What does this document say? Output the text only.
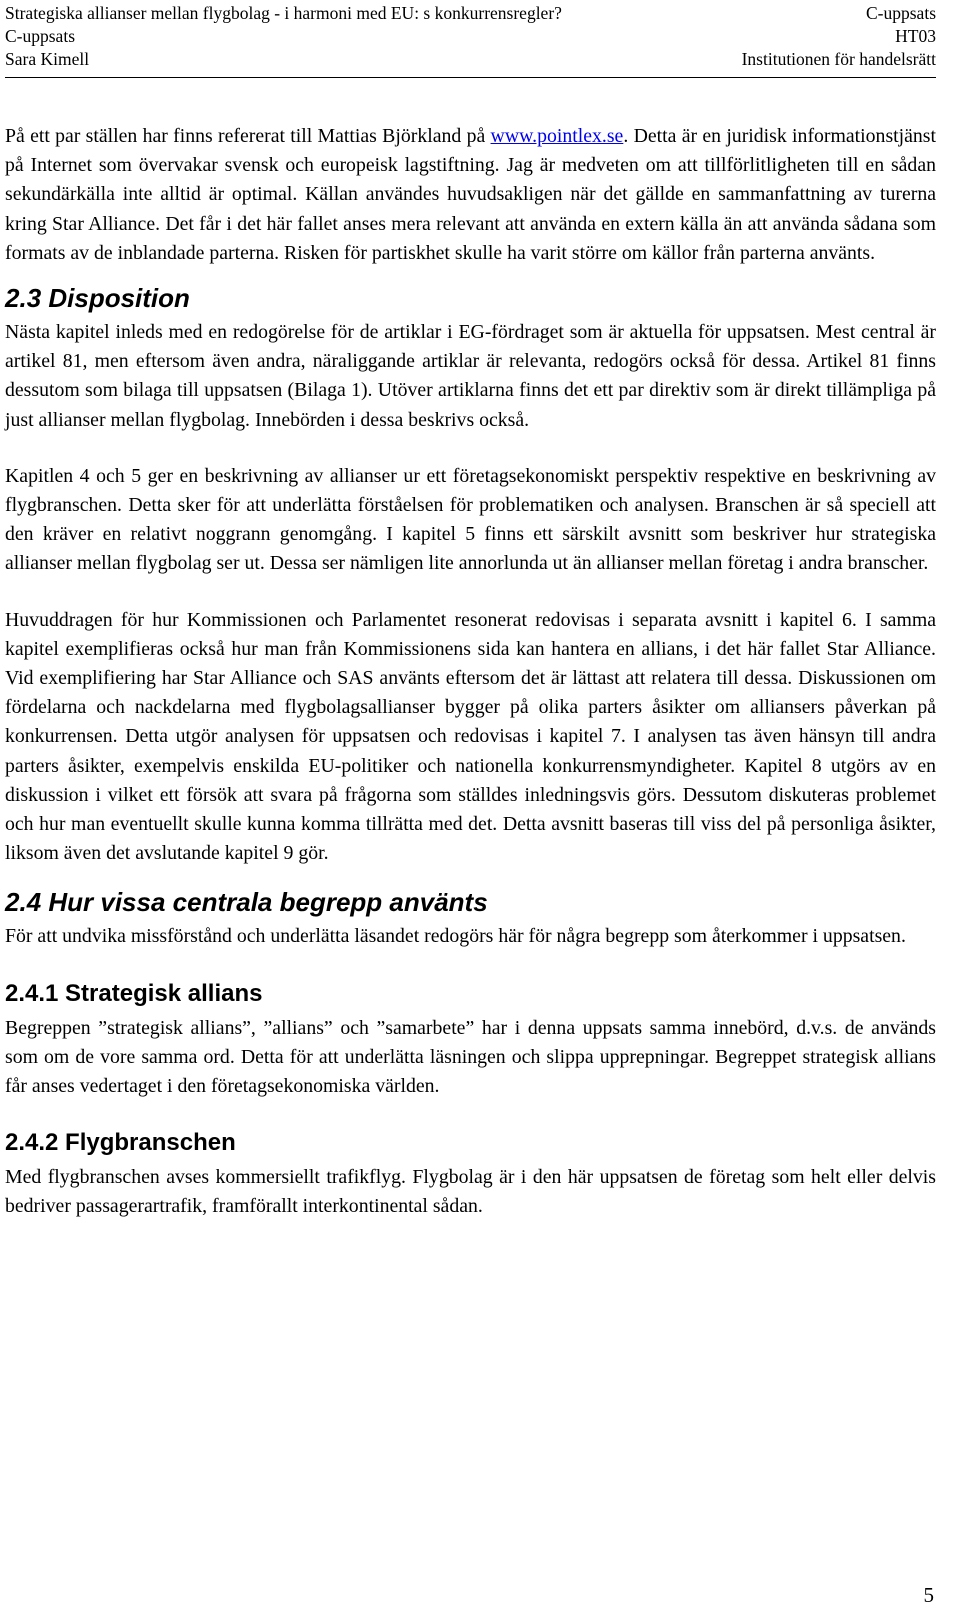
Strategiska allianser mellan flygbolag - i harmoni med EU: s konkurrensregler?	C-uppsats
C-uppsats	HT03
Sara Kimell	Institutionen för handelsrätt

På ett par ställen har finns refererat till Mattias Björkland på www.pointlex.se. Detta är en juridisk informationstjänst på Internet som övervakar svensk och europeisk lagstiftning. Jag är medveten om att tillförlitligheten till en sådan sekundärkälla inte alltid är optimal. Källan användes huvudsakligen när det gällde en sammanfattning av turerna kring Star Alliance. Det får i det här fallet anses mera relevant att använda en extern källa än att använda sådana som formats av de inblandade parterna. Risken för partiskhet skulle ha varit större om källor från parterna använts.

2.3 Disposition

Nästa kapitel inleds med en redogörelse för de artiklar i EG-fördraget som är aktuella för uppsatsen. Mest central är artikel 81, men eftersom även andra, näraliggande artiklar är relevanta, redogörs också för dessa. Artikel 81 finns dessutom som bilaga till uppsatsen (Bilaga 1). Utöver artiklarna finns det ett par direktiv som är direkt tillämpliga på just allianser mellan flygbolag. Innebörden i dessa beskrivs också.

Kapitlen 4 och 5 ger en beskrivning av allianser ur ett företagsekonomiskt perspektiv respektive en beskrivning av flygbranschen. Detta sker för att underlätta förståelsen för problematiken och analysen. Branschen är så speciell att den kräver en relativt noggrann genomgång. I kapitel 5 finns ett särskilt avsnitt som beskriver hur strategiska allianser mellan flygbolag ser ut. Dessa ser nämligen lite annorlunda ut än allianser mellan företag i andra branscher.

Huvuddragen för hur Kommissionen och Parlamentet resonerat redovisas i separata avsnitt i kapitel 6. I samma kapitel exemplifieras också hur man från Kommissionens sida kan hantera en allians, i det här fallet Star Alliance. Vid exemplifiering har Star Alliance och SAS använts eftersom det är lättast att relatera till dessa. Diskussionen om fördelarna och nackdelarna med flygbolagsallianser bygger på olika parters åsikter om alliansers påverkan på konkurrensen. Detta utgör analysen för uppsatsen och redovisas i kapitel 7. I analysen tas även hänsyn till andra parters åsikter, exempelvis enskilda EU-politiker och nationella konkurrensmyndigheter. Kapitel 8 utgörs av en diskussion i vilket ett försök att svara på frågorna som ställdes inledningsvis görs. Dessutom diskuteras problemet och hur man eventuellt skulle kunna komma tillrätta med det. Detta avsnitt baseras till viss del på personliga åsikter, liksom även det avslutande kapitel 9 gör.

2.4 Hur vissa centrala begrepp använts

För att undvika missförstånd och underlätta läsandet redogörs här för några begrepp som återkommer i uppsatsen.

2.4.1 Strategisk allians

Begreppen ”strategisk allians”, ”allians” och ”samarbete” har i denna uppsats samma innebörd, d.v.s. de används som om de vore samma ord. Detta för att underlätta läsningen och slippa upprepningar. Begreppet strategisk allians får anses vedertaget i den företagsekonomiska världen.

2.4.2 Flygbranschen

Med flygbranschen avses kommersiellt trafikflyg. Flygbolag är i den här uppsatsen de företag som helt eller delvis bedriver passagerartrafik, framförallt interkontinental sådan.

5
